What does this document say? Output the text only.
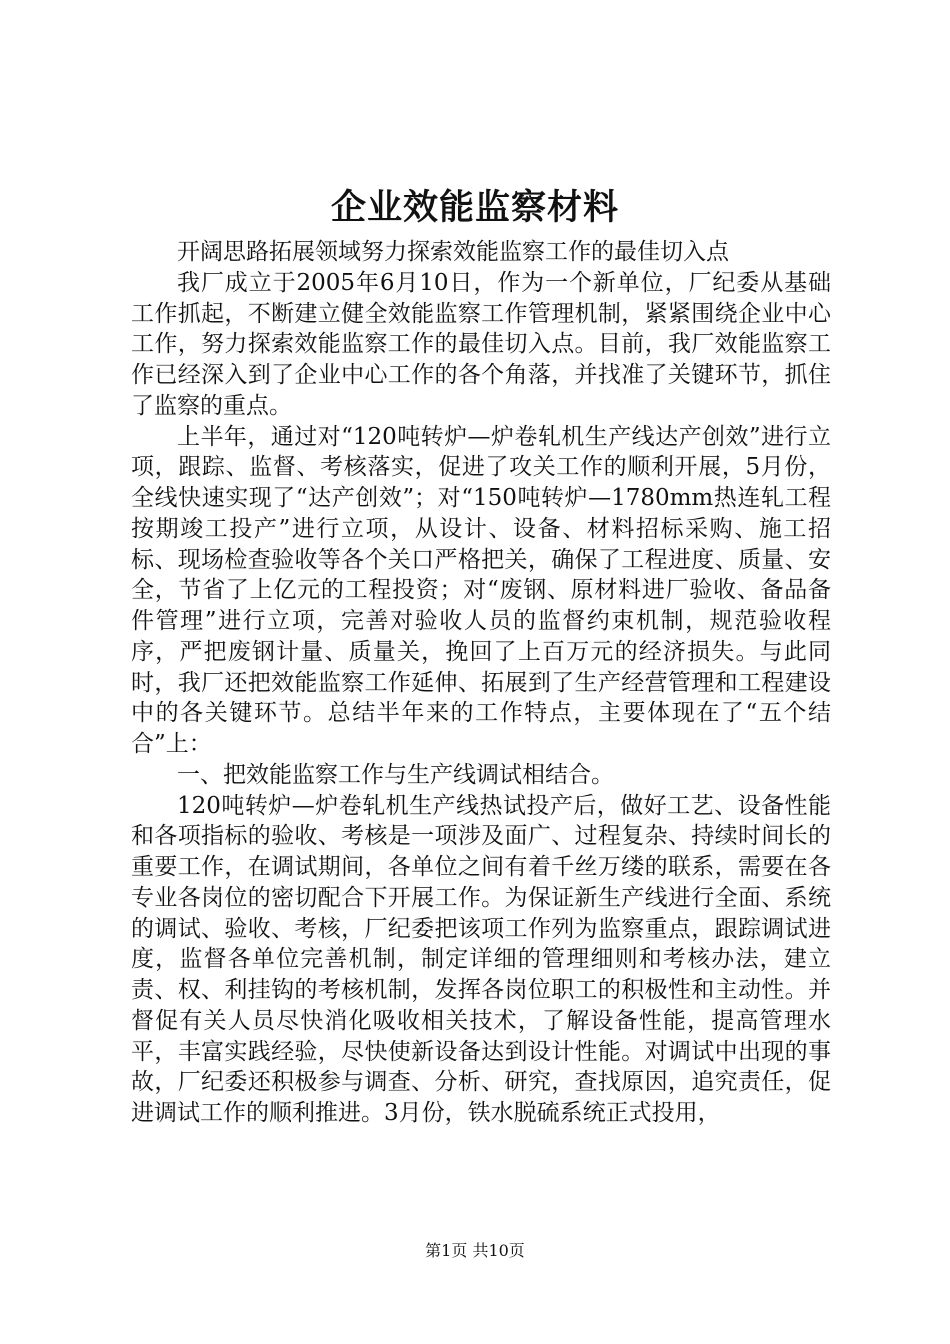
企业效能监察材料

开阔思路拓展领域努力探索效能监察工作的最佳切入点

我厂成立于2005年6月10日，作为一个新单位，厂纪委从基础工作抓起，不断建立健全效能监察工作管理机制，紧紧围绕企业中心工作，努力探索效能监察工作的最佳切入点。目前，我厂效能监察工作已经深入到了企业中心工作的各个角落，并找准了关键环节，抓住了监察的重点。

上半年，通过对“120吨转炉—炉卷轧机生产线达产创效”进行立项，跟踪、监督、考核落实，促进了攻关工作的顺利开展，5月份，全线快速实现了“达产创效”；对“150吨转炉—1780mm热连轧工程按期竣工投产”进行立项，从设计、设备、材料招标采购、施工招标、现场检查验收等各个关口严格把关，确保了工程进度、质量、安全，节省了上亿元的工程投资；对“废钢、原材料进厂验收、备品备件管理”进行立项，完善对验收人员的监督约束机制，规范验收程序，严把废钢计量、质量关，挽回了上百万元的经济损失。与此同时，我厂还把效能监察工作延伸、拓展到了生产经营管理和工程建设中的各关键环节。总结半年来的工作特点，主要体现在了“五个结合”上：

一、把效能监察工作与生产线调试相结合。

120吨转炉—炉卷轧机生产线热试投产后，做好工艺、设备性能和各项指标的验收、考核是一项涉及面广、过程复杂、持续时间长的重要工作，在调试期间，各单位之间有着千丝万缕的联系，需要在各专业各岗位的密切配合下开展工作。为保证新生产线进行全面、系统的调试、验收、考核，厂纪委把该项工作列为监察重点，跟踪调试进度，监督各单位完善机制，制定详细的管理细则和考核办法，建立责、权、利挂钩的考核机制，发挥各岗位职工的积极性和主动性。并督促有关人员尽快消化吸收相关技术，了解设备性能，提高管理水平，丰富实践经验，尽快使新设备达到设计性能。对调试中出现的事故，厂纪委还积极参与调查、分析、研究，查找原因，追究责任，促进调试工作的顺利推进。3月份，铁水脱硫系统正式投用，

第1页 共10页
